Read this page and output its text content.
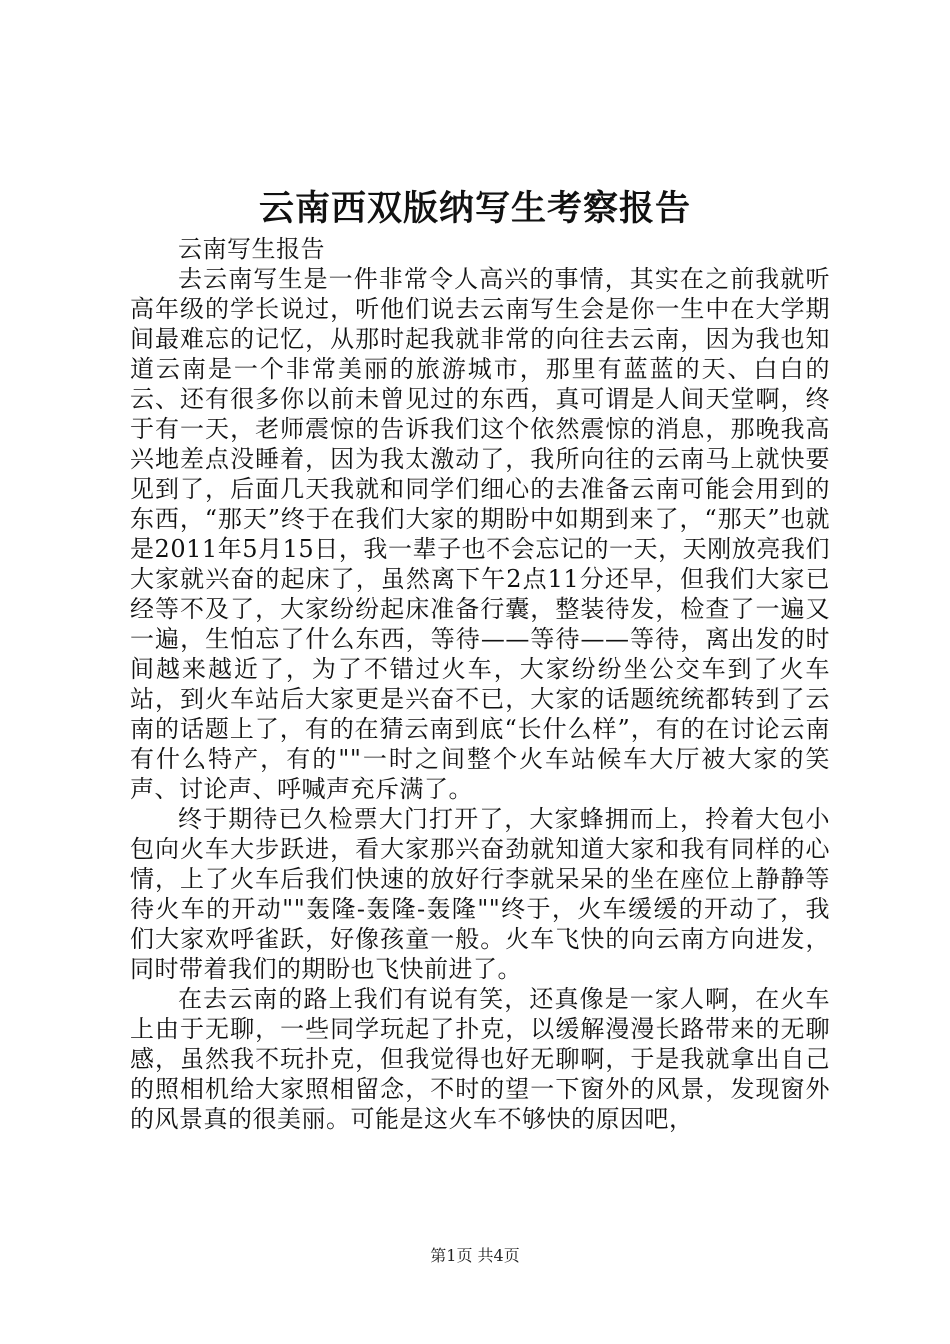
云南西双版纳写生考察报告

云南写生报告

去云南写生是一件非常令人高兴的事情，其实在之前我就听高年级的学长说过，听他们说去云南写生会是你一生中在大学期间最难忘的记忆，从那时起我就非常的向往去云南，因为我也知道云南是一个非常美丽的旅游城市，那里有蓝蓝的天、白白的云、还有很多你以前未曾见过的东西，真可谓是人间天堂啊，终于有一天，老师震惊的告诉我们这个依然震惊的消息，那晚我高兴地差点没睡着，因为我太激动了，我所向往的云南马上就快要见到了，后面几天我就和同学们细心的去准备云南可能会用到的东西，“那天”终于在我们大家的期盼中如期到来了，“那天”也就是2011年5月15日，我一辈子也不会忘记的一天，天刚放亮我们大家就兴奋的起床了，虽然离下午2点11分还早，但我们大家已经等不及了，大家纷纷起床准备行囊，整装待发，检查了一遍又一遍，生怕忘了什么东西，等待——等待——等待，离出发的时间越来越近了，为了不错过火车，大家纷纷坐公交车到了火车站，到火车站后大家更是兴奋不已，大家的话题统统都转到了云南的话题上了，有的在猜云南到底“长什么样”，有的在讨论云南有什么特产，有的""一时之间整个火车站候车大厅被大家的笑声、讨论声、呼喊声充斥满了。

终于期待已久检票大门打开了，大家蜂拥而上，拎着大包小包向火车大步跃进，看大家那兴奋劲就知道大家和我有同样的心情，上了火车后我们快速的放好行李就呆呆的坐在座位上静静等待火车的开动""轰隆-轰隆-轰隆""终于，火车缓缓的开动了，我们大家欢呼雀跃，好像孩童一般。火车飞快的向云南方向进发，同时带着我们的期盼也飞快前进了。

在去云南的路上我们有说有笑，还真像是一家人啊，在火车上由于无聊，一些同学玩起了扑克，以缓解漫漫长路带来的无聊感，虽然我不玩扑克，但我觉得也好无聊啊，于是我就拿出自己的照相机给大家照相留念，不时的望一下窗外的风景，发现窗外的风景真的很美丽。可能是这火车不够快的原因吧，

第1页 共4页
